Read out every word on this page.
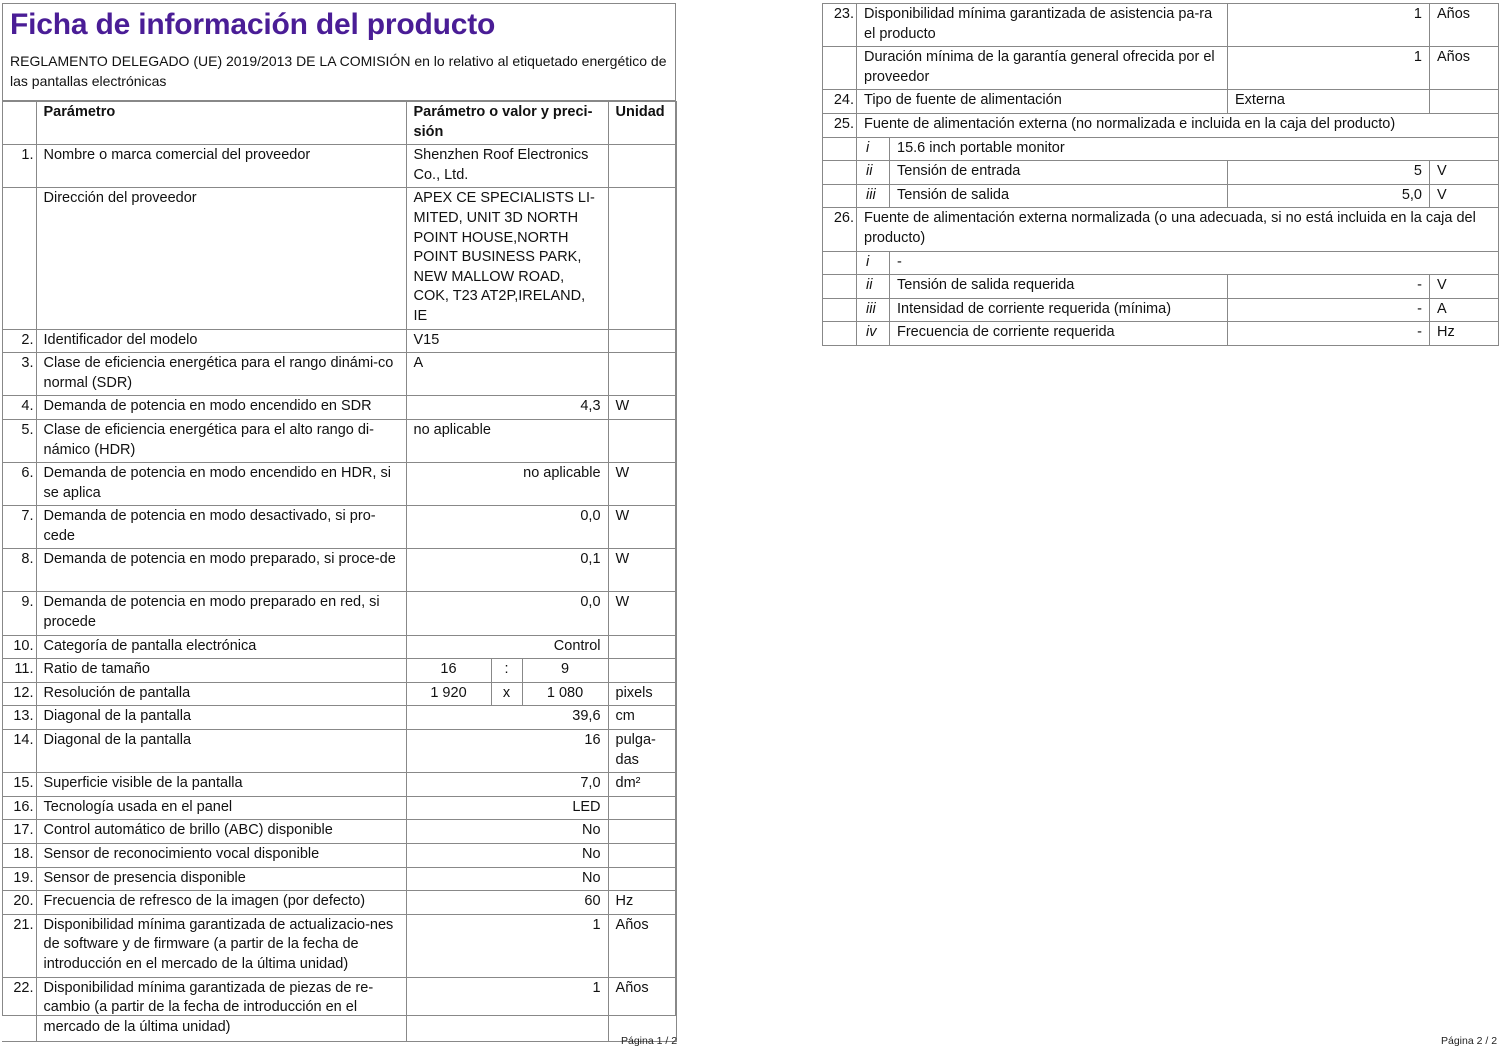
Ficha de información del producto
REGLAMENTO DELEGADO (UE) 2019/2013 DE LA COMISIÓN en lo relativo al etiquetado energético de las pantallas electrónicas
	Parámetro	Parámetro o valor y preci-sión			Unidad
1.	Nombre o marca comercial del proveedor	Shenzhen Roof Electronics Co., Ltd.			
	Dirección del proveedor	APEX CE SPECIALISTS LI-MITED, UNIT 3D NORTH POINT HOUSE,NORTH POINT BUSINESS PARK, NEW MALLOW ROAD, COK, T23 AT2P,IRELAND, IE			
2.	Identificador del modelo	V15			
3.	Clase de eficiencia energética para el rango dinámi-co normal (SDR)	A			
4.	Demanda de potencia en modo encendido en SDR	4,3			W
5.	Clase de eficiencia energética para el alto rango di-námico (HDR)	no aplicable			
6.	Demanda de potencia en modo encendido en HDR, si se aplica	no aplicable			W
7.	Demanda de potencia en modo desactivado, si pro-cede	0,0			W
8.	Demanda de potencia en modo preparado, si proce-de	0,1			W
9.	Demanda de potencia en modo preparado en red, si procede	0,0			W
10.	Categoría de pantalla electrónica	Control			
11.	Ratio de tamaño	16	:	9	
12.	Resolución de pantalla	1 920	x	1 080	pixels
13.	Diagonal de la pantalla	39,6			cm
14.	Diagonal de la pantalla	16			pulga-das
15.	Superficie visible de la pantalla	7,0			dm²
16.	Tecnología usada en el panel	LED			
17.	Control automático de brillo (ABC) disponible	No			
18.	Sensor de reconocimiento vocal disponible	No			
19.	Sensor de presencia disponible	No			
20.	Frecuencia de refresco de la imagen (por defecto)	60			Hz
21.	Disponibilidad mínima garantizada de actualizacio-nes de software y de firmware (a partir de la fecha de introducción en el mercado de la última unidad)	1			Años
22.	Disponibilidad mínima garantizada de piezas de re-cambio (a partir de la fecha de introducción en el mercado de la última unidad)	1			Años
Página 1 / 2
23.	Disponibilidad mínima garantizada de asistencia pa-ra el producto		1	Años
	Duración mínima de la garantía general ofrecida por el proveedor		1	Años
24.	Tipo de fuente de alimentación		Externa	
25.	Fuente de alimentación externa (no normalizada e incluida en la caja del producto)			
	i	15.6 inch portable monitor		
	ii	Tensión de entrada	5	V
	iii	Tensión de salida	5,0	V
26.	Fuente de alimentación externa normalizada (o una adecuada, si no está incluida en la caja del producto)			
	i	-		
	ii	Tensión de salida requerida	-	V
	iii	Intensidad de corriente requerida (mínima)	-	A
	iv	Frecuencia de corriente requerida	-	Hz
Página 2 / 2
